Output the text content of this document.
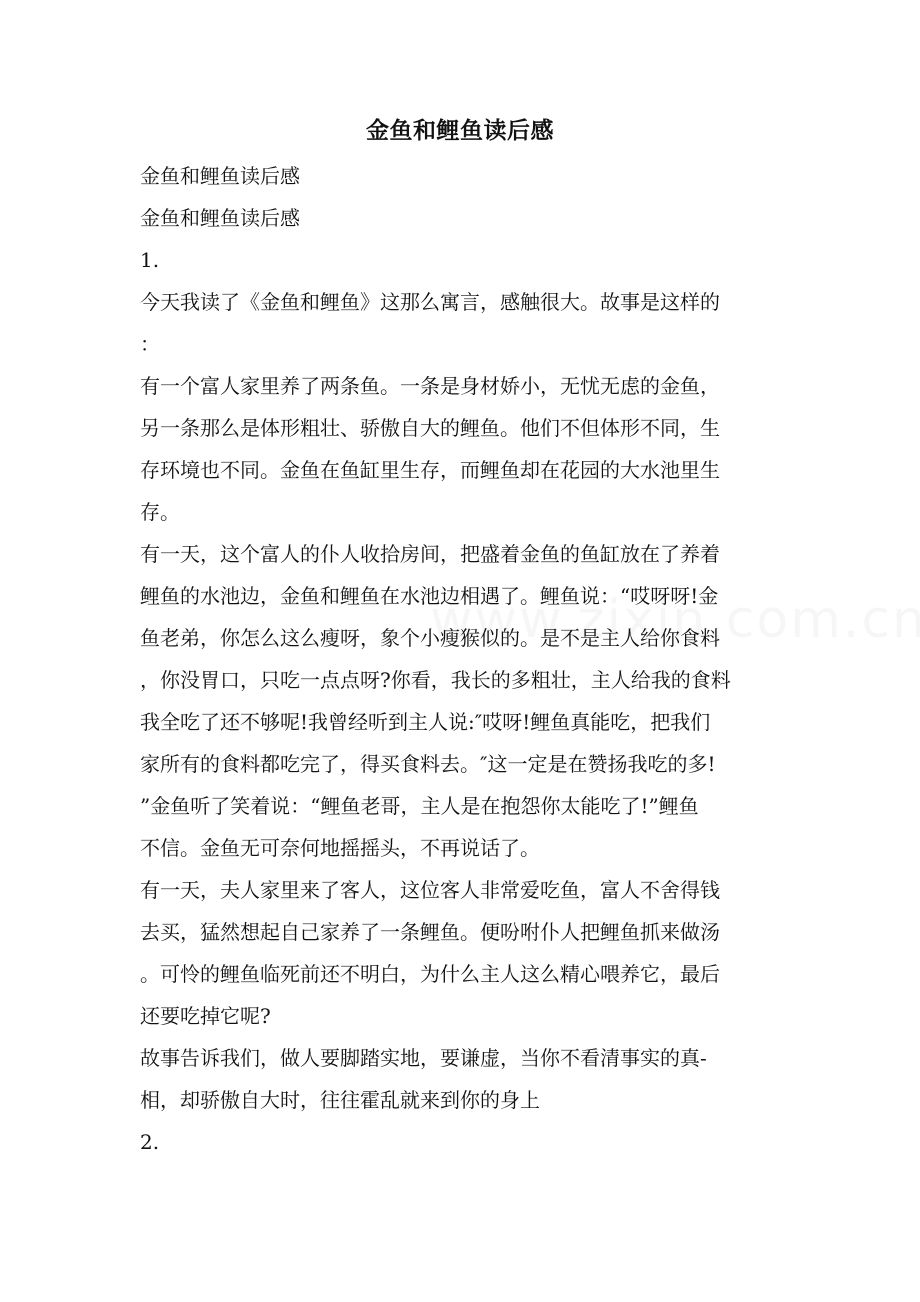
金鱼和鲤鱼读后感
金鱼和鲤鱼读后感
金鱼和鲤鱼读后感
1.
今天我读了《金鱼和鲤鱼》这那么寓言，感触很大。故事是这样的
：
有一个富人家里养了两条鱼。一条是身材娇小，无忧无虑的金鱼，
另一条那么是体形粗壮、骄傲自大的鲤鱼。他们不但体形不同，生
存环境也不同。金鱼在鱼缸里生存，而鲤鱼却在花园的大水池里生
存。
有一天，这个富人的仆人收拾房间，把盛着金鱼的鱼缸放在了养着
鲤鱼的水池边，金鱼和鲤鱼在水池边相遇了。鲤鱼说：“哎呀呀!金
鱼老弟，你怎么这么瘦呀，象个小瘦猴似的。是不是主人给你食料
，你没胃口，只吃一点点呀?你看，我长的多粗壮，主人给我的食料
我全吃了还不够呢!我曾经听到主人说:″哎呀!鲤鱼真能吃，把我们
家所有的食料都吃完了，得买食料去。″这一定是在赞扬我吃的多!
”金鱼听了笑着说：“鲤鱼老哥，主人是在抱怨你太能吃了!”鲤鱼
不信。金鱼无可奈何地摇摇头，不再说话了。
有一天，夫人家里来了客人，这位客人非常爱吃鱼，富人不舍得钱
去买，猛然想起自己家养了一条鲤鱼。便吩咐仆人把鲤鱼抓来做汤
。可怜的鲤鱼临死前还不明白，为什么主人这么精心喂养它，最后
还要吃掉它呢?
故事告诉我们，做人要脚踏实地，要谦虚，当你不看清事实的真-
相，却骄傲自大时，往往霍乱就来到你的身上
2.
